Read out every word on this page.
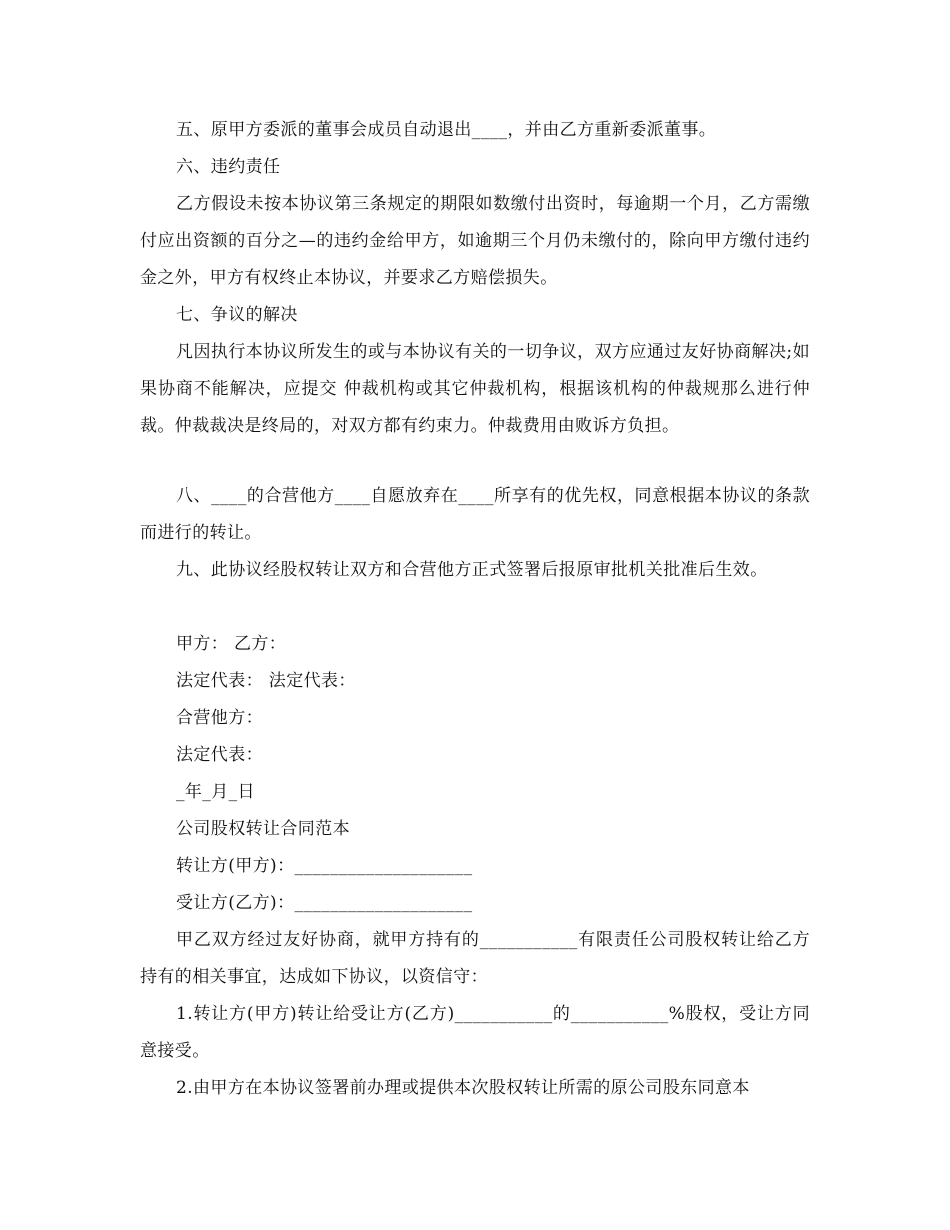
五、原甲方委派的董事会成员自动退出____，并由乙方重新委派董事。

六、违约责任

乙方假设未按本协议第三条规定的期限如数缴付出资时，每逾期一个月，乙方需缴付应出资额的百分之—的违约金给甲方，如逾期三个月仍未缴付的，除向甲方缴付违约金之外，甲方有权终止本协议，并要求乙方赔偿损失。

七、争议的解决

凡因执行本协议所发生的或与本协议有关的一切争议，双方应通过友好协商解决;如果协商不能解决，应提交 仲裁机构或其它仲裁机构，根据该机构的仲裁规那么进行仲裁。仲裁裁决是终局的，对双方都有约束力。仲裁费用由败诉方负担。

八、____的合营他方____自愿放弃在____所享有的优先权，同意根据本协议的条款而进行的转让。

九、此协议经股权转让双方和合营他方正式签署后报原审批机关批准后生效。

甲方： 乙方：

法定代表： 法定代表：

合营他方：

法定代表：

_年_月_日

公司股权转让合同范本

转让方(甲方)：____________________

受让方(乙方)：____________________

甲乙双方经过友好协商，就甲方持有的___________有限责任公司股权转让给乙方持有的相关事宜，达成如下协议，以资信守：

1.转让方(甲方)转让给受让方(乙方)___________的___________%股权，受让方同意接受。

2.由甲方在本协议签署前办理或提供本次股权转让所需的原公司股东同意本
